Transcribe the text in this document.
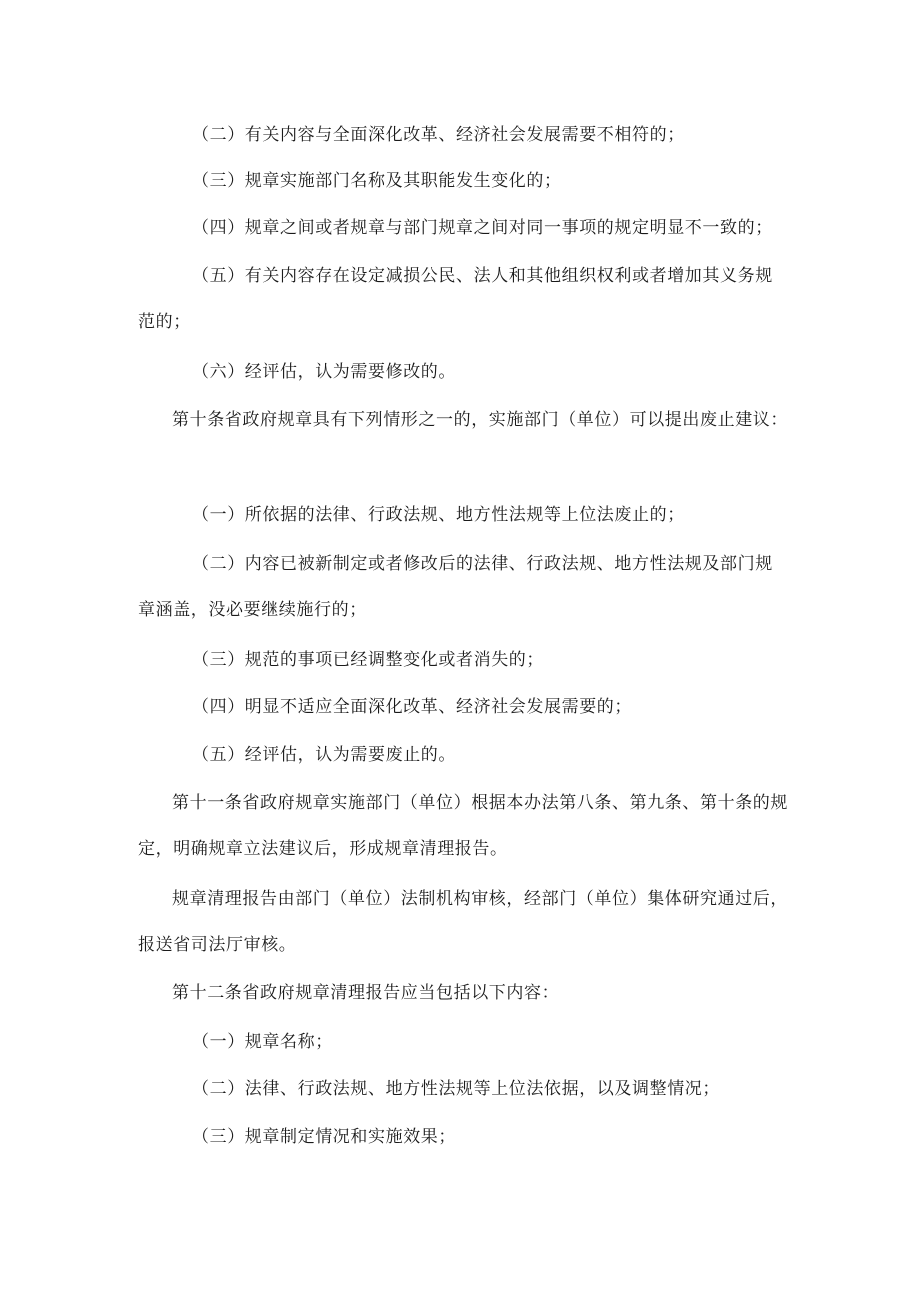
（二）有关内容与全面深化改革、经济社会发展需要不相符的；
（三）规章实施部门名称及其职能发生变化的；
（四）规章之间或者规章与部门规章之间对同一事项的规定明显不一致的；
（五）有关内容存在设定减损公民、法人和其他组织权利或者增加其义务规范的；
（六）经评估，认为需要修改的。
第十条省政府规章具有下列情形之一的，实施部门（单位）可以提出废止建议：
（一）所依据的法律、行政法规、地方性法规等上位法废止的；
（二）内容已被新制定或者修改后的法律、行政法规、地方性法规及部门规章涵盖，没必要继续施行的；
（三）规范的事项已经调整变化或者消失的；
（四）明显不适应全面深化改革、经济社会发展需要的；
（五）经评估，认为需要废止的。
第十一条省政府规章实施部门（单位）根据本办法第八条、第九条、第十条的规定，明确规章立法建议后，形成规章清理报告。
规章清理报告由部门（单位）法制机构审核，经部门（单位）集体研究通过后，报送省司法厅审核。
第十二条省政府规章清理报告应当包括以下内容：
（一）规章名称；
（二）法律、行政法规、地方性法规等上位法依据，以及调整情况；
（三）规章制定情况和实施效果；
